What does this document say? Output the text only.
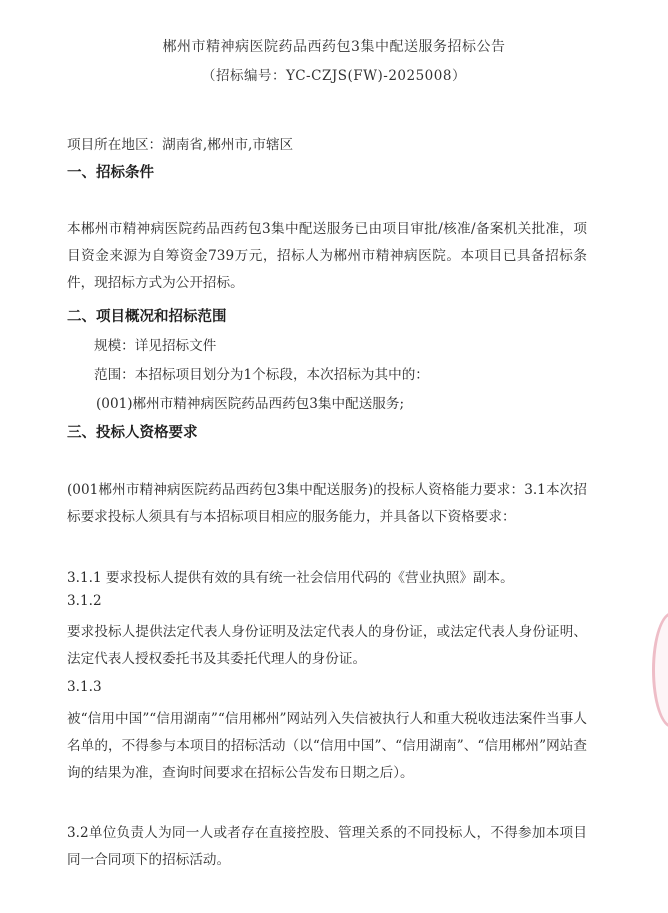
郴州市精神病医院药品西药包3集中配送服务招标公告
（招标编号：YC-CZJS(FW)-2025008）
项目所在地区：湖南省,郴州市,市辖区
一、招标条件
本郴州市精神病医院药品西药包3集中配送服务已由项目审批/核准/备案机关批准，项目资金来源为自筹资金739万元，招标人为郴州市精神病医院。本项目已具备招标条件，现招标方式为公开招标。
二、项目概况和招标范围
规模：详见招标文件
范围：本招标项目划分为1个标段，本次招标为其中的：
(001)郴州市精神病医院药品西药包3集中配送服务;
三、投标人资格要求
(001郴州市精神病医院药品西药包3集中配送服务)的投标人资格能力要求：3.1本次招标要求投标人须具有与本招标项目相应的服务能力，并具备以下资格要求：
3.1.1 要求投标人提供有效的具有统一社会信用代码的《营业执照》副本。
3.1.2
要求投标人提供法定代表人身份证明及法定代表人的身份证，或法定代表人身份证明、法定代表人授权委托书及其委托代理人的身份证。
3.1.3
被“信用中国”“信用湖南”“信用郴州”网站列入失信被执行人和重大税收违法案件当事人名单的，不得参与本项目的招标活动（以“信用中国”、“信用湖南”、“信用郴州”网站查询的结果为准，查询时间要求在招标公告发布日期之后）。
3.2单位负责人为同一人或者存在直接控股、管理关系的不同投标人，不得参加本项目同一合同项下的招标活动。
